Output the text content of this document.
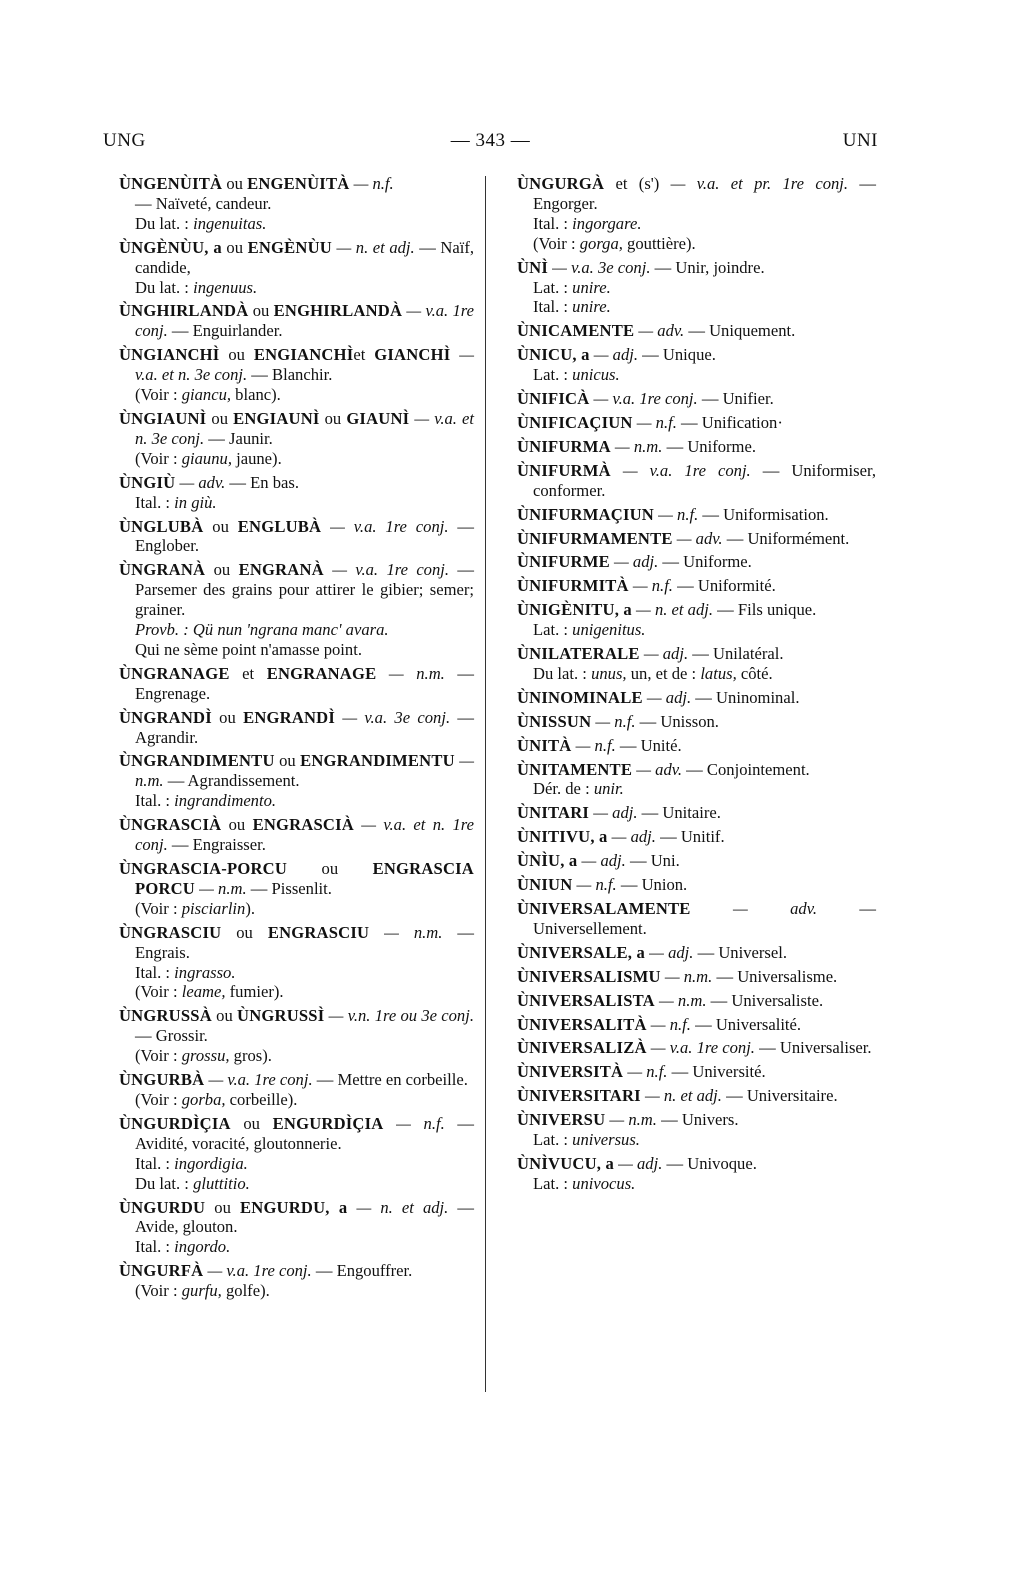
UNG	— 343 —	UNI

ÙNGENÙITÀ ou ENGENÙITÀ — n.f.
— Naïveté, candeur.
Du lat. : ingenuitas.

ÙNGÈNÙU, a ou ENGÈNÙU — n. et adj. — Naïf, candide,
Du lat. : ingenuus.

ÙNGHIRLANDÀ ou ENGHIRLANDÀ — v.a. 1re conj. — Enguirlander.

ÙNGIANCHÌ ou ENGIANCHÌet GIANCHÌ — v.a. et n. 3e conj. — Blanchir.
(Voir : giancu, blanc).

ÙNGIAUNÌ ou ENGIAUNÌ ou GIAUNÌ — v.a. et n. 3e conj. — Jaunir.
(Voir : giaunu, jaune).

ÙNGIÙ — adv. — En bas.
Ital. : in giù.

ÙNGLUBÀ ou ENGLUBÀ — v.a. 1re conj. — Englober.

ÙNGRANÀ ou ENGRANÀ — v.a. 1re conj. — Parsemer des grains pour attirer le gibier; semer; grainer.
Provb. : Qü nun 'ngrana manc' avara.
Qui ne sème point n'amasse point.

ÙNGRANAGE et ENGRANAGE — n.m. — Engrenage.

ÙNGRANDÌ ou ENGRANDÌ — v.a. 3e conj. — Agrandir.

ÙNGRANDIMENTU ou ENGRANDIMENTU — n.m. — Agrandissement.
Ital. : ingrandimento.

ÙNGRASCIÀ ou ENGRASCIÀ — v.a. et n. 1re conj. — Engraisser.

ÙNGRASCIA-PORCU ou ENGRASCIA PORCU — n.m. — Pissenlit.
(Voir : pisciarlin).

ÙNGRASCIU ou ENGRASCIU — n.m. — Engrais.
Ital. : ingrasso.
(Voir : leame, fumier).

ÙNGRUSSÀ ou ÙNGRUSSÌ — v.n. 1re ou 3e conj. — Grossir.
(Voir : grossu, gros).

ÙNGURBÀ — v.a. 1re conj. — Mettre en corbeille.
(Voir : gorba, corbeille).

ÙNGURDÌÇIA ou ENGURDÌÇIA — n.f. — Avidité, voracité, gloutonnerie.
Ital. : ingordigia.
Du lat. : gluttitio.

ÙNGURDU ou ENGURDU, a — n. et adj. — Avide, glouton.
Ital. : ingordo.

ÙNGURFÀ — v.a. 1re conj. — Engouffrer.
(Voir : gurfu, golfe).

ÙNGURGÀ et (s') — v.a. et pr. 1re conj. — Engorger.
Ital. : ingorgare.
(Voir : gorga, gouttière).

ÙNÌ — v.a. 3e conj. — Unir, joindre.
Lat. : unire.
Ital. : unire.

ÙNICAMENTE — adv. — Uniquement.

ÙNICU, a — adj. — Unique.
Lat. : unicus.

ÙNIFICÀ — v.a. 1re conj. — Unifier.

ÙNIFICAÇIUN — n.f. — Unification·

ÙNIFURMA — n.m. — Uniforme.

ÙNIFURMÀ — v.a. 1re conj. — Uniformiser, conformer.

ÙNIFURMAÇIUN — n.f. — Uniformisation.

ÙNIFURMAMENTE — adv. — Uniformément.

ÙNIFURME — adj. — Uniforme.

ÙNIFURMITÀ — n.f. — Uniformité.

ÙNIGÈNITU, a — n. et adj. — Fils unique.
Lat. : unigenitus.

ÙNILATERALE — adj. — Unilatéral.
Du lat. : unus, un, et de : latus, côté.

ÙNINOMINALE — adj. — Uninominal.

ÙNISSUN — n.f. — Unisson.

ÙNITÀ — n.f. — Unité.

ÙNITAMENTE — adv. — Conjointement.
Dér. de : unir.

ÙNITARI — adj. — Unitaire.

ÙNITIVU, a — adj. — Unitif.

ÙNÌU, a — adj. — Uni.

ÙNIUN — n.f. — Union.

ÙNIVERSALAMENTE — adv. — Universellement.

ÙNIVERSALE, a — adj. — Universel.

ÙNIVERSALISMU — n.m. — Universalisme.

ÙNIVERSALISTA — n.m. — Universaliste.

ÙNIVERSALITÀ — n.f. — Universalité.

ÙNIVERSALIZÀ — v.a. 1re conj. — Universaliser.

ÙNIVERSITÀ — n.f. — Université.

ÙNIVERSITARI — n. et adj. — Universitaire.

ÙNIVERSU — n.m. — Univers.
Lat. : universus.

ÙNÌVUCU, a — adj. — Univoque.
Lat. : univocus.
